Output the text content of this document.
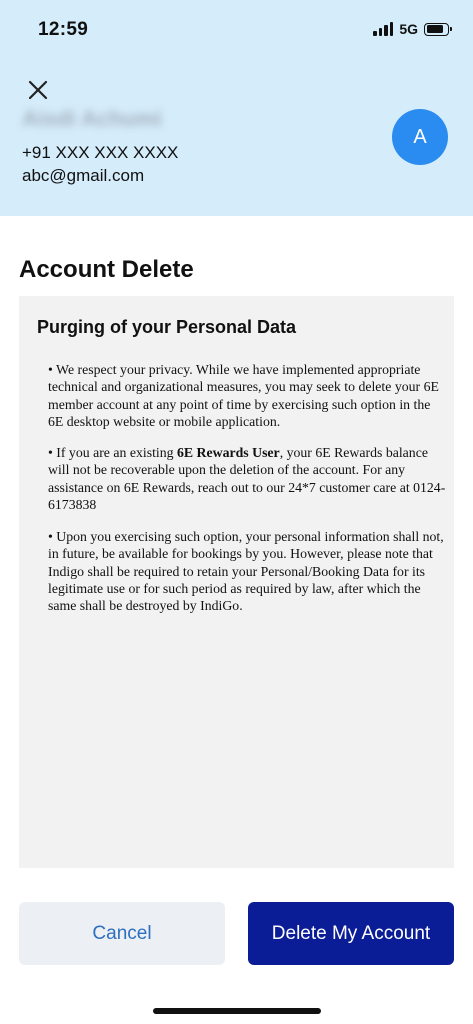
12:59	5G
Aisdi Achumi
+91 XXX XXX XXXX
abc@gmail.com
A
Account Delete
Purging of your Personal Data
• We respect your privacy. While we have implemented appropriate technical and organizational measures, you may seek to delete your 6E member account at any point of time by exercising such option in the 6E desktop website or mobile application.
• If you are an existing 6E Rewards User, your 6E Rewards balance will not be recoverable upon the deletion of the account. For any assistance on 6E Rewards, reach out to our 24*7 customer care at 0124-6173838
• Upon you exercising such option, your personal information shall not, in future, be available for bookings by you. However, please note that Indigo shall be required to retain your Personal/Booking Data for its legitimate use or for such period as required by law, after which the same shall be destroyed by IndiGo.
Cancel	Delete My Account
